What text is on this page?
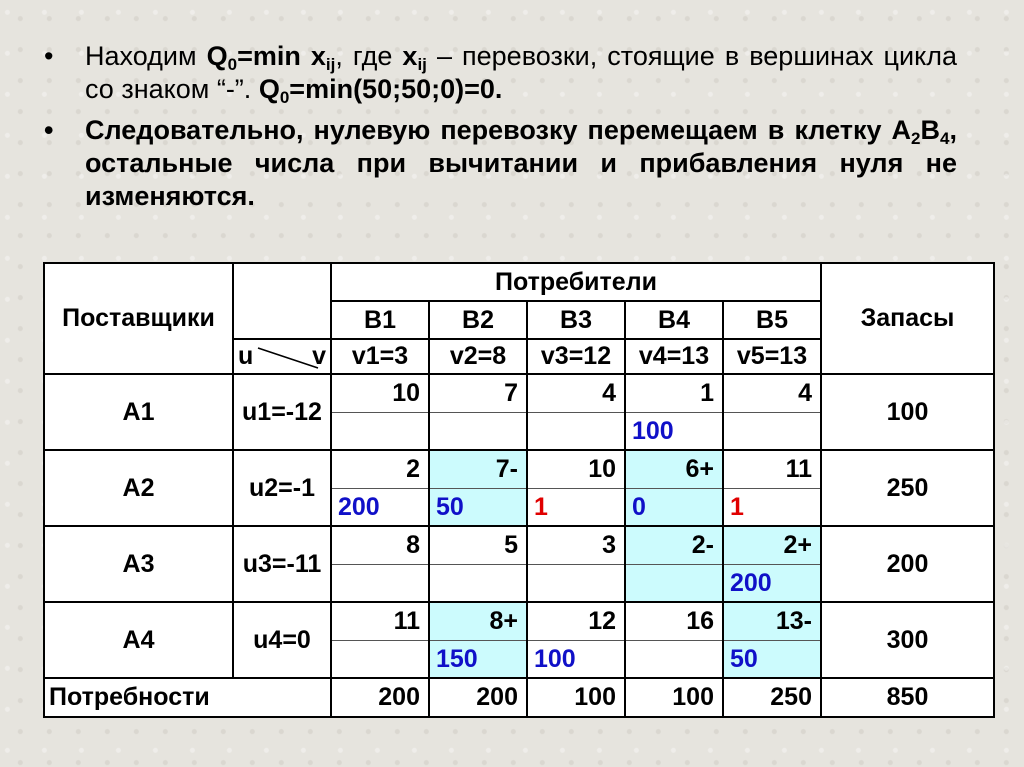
• Находим $Q_0=\min$ $x_{ij}$, где $x_{ij}$ – перевозки, стоящие в вершинах цикла со знаком “-”. $Q_0=\min(50;50;0)=0$.
• Следовательно, нулевую перевозку перемещаем в клетку $А_2В_4$, остальные числа при вычитании и прибавления нуля не изменяются.
Поставщики		Потребители					Запасы
		В1	В2	В3	В4	В5	

	u v	v1=3	v2=8	v3=12	v4=13	v5=13	
А1	u1=-12	10	7	4	1	4	100
					100		
А2	u2=-1	2	7-	10	6+	11	250
		200	50	1	0	1	
А3	u3=-11	8	5	3	2-	2+	200
						200	
А4	u4=0	11	8+	12	16	13-	300
			150	100		50	
Потребности		200	200	100	100	250	850
